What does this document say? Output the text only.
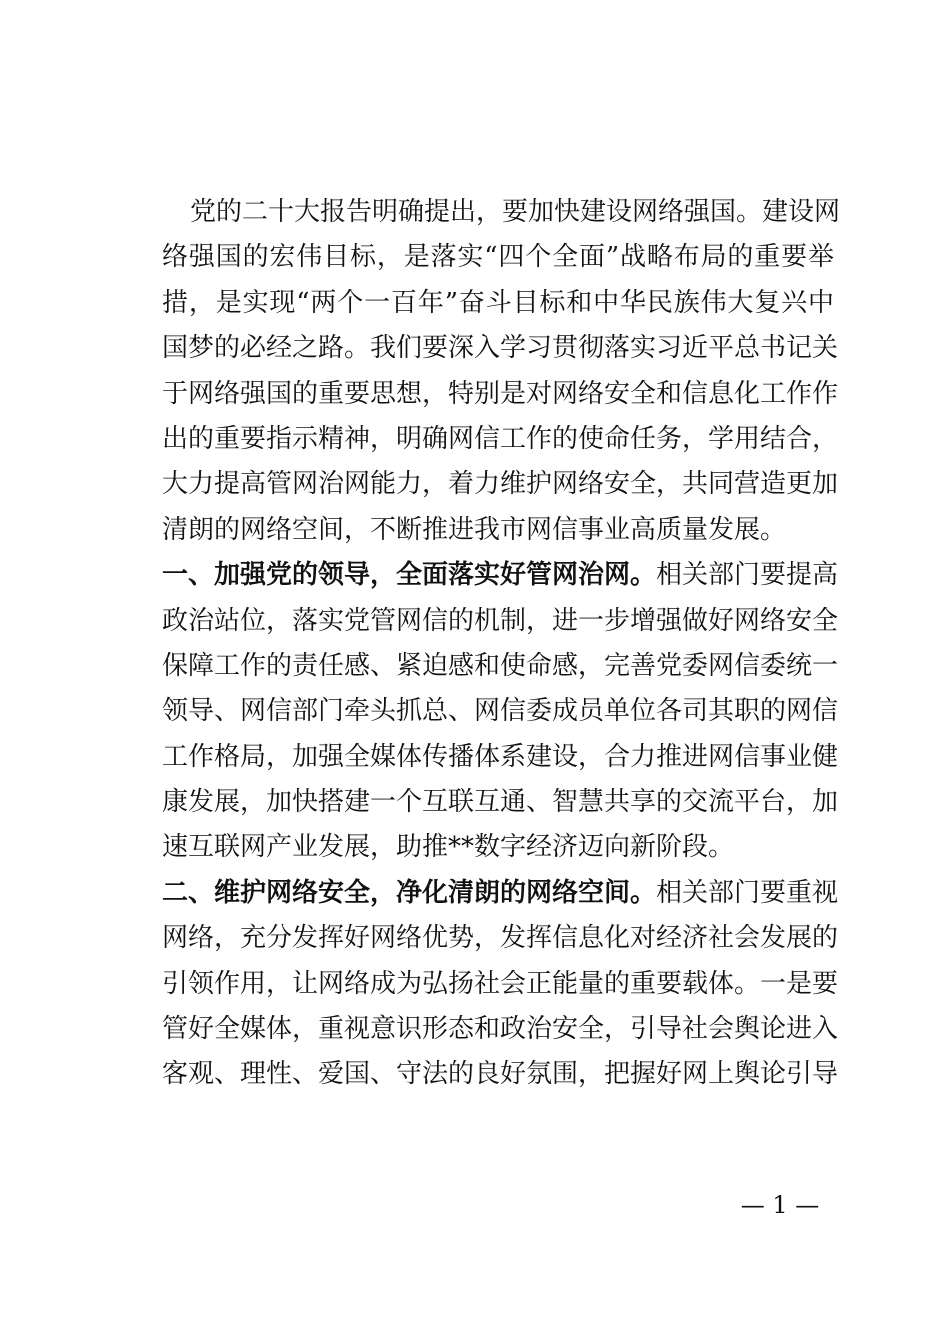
党的二十大报告明确提出，要加快建设网络强国。建设网
络强国的宏伟目标，是落实“四个全面”战略布局的重要举
措，是实现“两个一百年”奋斗目标和中华民族伟大复兴中
国梦的必经之路。我们要深入学习贯彻落实习近平总书记关
于网络强国的重要思想，特别是对网络安全和信息化工作作
出的重要指示精神，明确网信工作的使命任务，学用结合，
大力提高管网治网能力，着力维护网络安全，共同营造更加
清朗的网络空间，不断推进我市网信事业高质量发展。
一、加强党的领导，全面落实好管网治网。相关部门要提高
政治站位，落实党管网信的机制，进一步增强做好网络安全
保障工作的责任感、紧迫感和使命感，完善党委网信委统一
领导、网信部门牵头抓总、网信委成员单位各司其职的网信
工作格局，加强全媒体传播体系建设，合力推进网信事业健
康发展，加快搭建一个互联互通、智慧共享的交流平台，加
速互联网产业发展，助推**数字经济迈向新阶段。
二、维护网络安全，净化清朗的网络空间。相关部门要重视
网络，充分发挥好网络优势，发挥信息化对经济社会发展的
引领作用，让网络成为弘扬社会正能量的重要载体。一是要
管好全媒体，重视意识形态和政治安全，引导社会舆论进入
客观、理性、爱国、守法的良好氛围，把握好网上舆论引导
— 1 —
